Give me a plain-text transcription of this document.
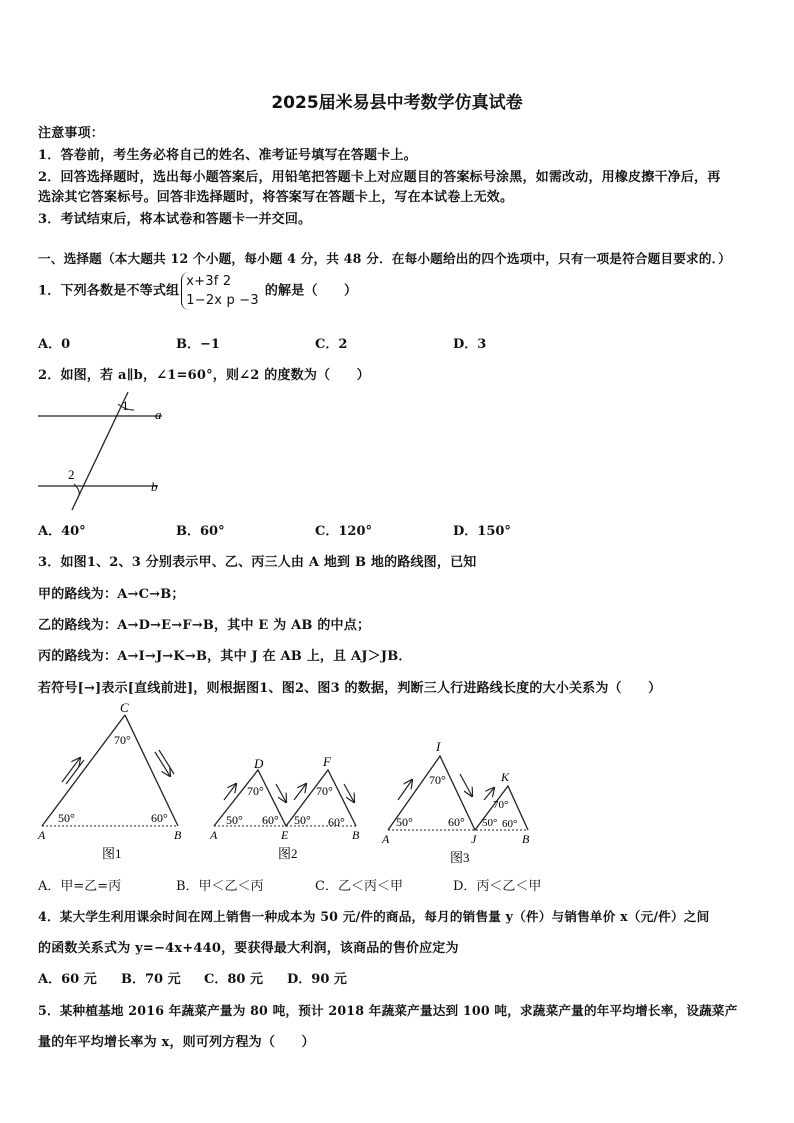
2025届米易县中考数学仿真试卷
注意事项：
1．答卷前，考生务必将自己的姓名、准考证号填写在答题卡上。
2．回答选择题时，选出每小题答案后，用铅笔把答题卡上对应题目的答案标号涂黑，如需改动，用橡皮擦干净后，再
选涂其它答案标号。回答非选择题时，将答案写在答题卡上，写在本试卷上无效。
3．考试结束后，将本试卷和答题卡一并交回。
一、选择题（本大题共 12 个小题，每小题 4 分，共 48 分．在每小题给出的四个选项中，只有一项是符合题目要求的．）
1．下列各数是不等式组
x+3f 2
1−2x p −3
的解是（　　）
A．0	B．−1	C．2	D．3
2．如图，若 a∥b，∠1=60°，则∠2 的度数为（　　）
1
2
a
b
A．40°	B．60°	C．120°	D．150°
3．如图1、2、3 分别表示甲、乙、丙三人由 A 地到 B 地的路线图，已知
甲的路线为：A→C→B；
乙的路线为：A→D→E→F→B，其中 E 为 AB 的中点；
丙的路线为：A→I→J→K→B，其中 J 在 AB 上，且 AJ＞JB．
若符号[→]表示[直线前进]，则根据图1、图2、图3 的数据，判断三人行进路线长度的大小关系为（　　）
C
70°
50°	60°
A	B
图1
D	F
70°	70°
50° 60° 50° 60°
A	E	B
图2
I
K
70°
70°
50°	60° 50° 60°
A	J	B
图3
A．甲=乙=丙	B．甲＜乙＜丙	C．乙＜丙＜甲	D．丙＜乙＜甲
4．某大学生利用课余时间在网上销售一种成本为 50 元/件的商品，每月的销售量 y（件）与销售单价 x（元/件）之间
的函数关系式为 y=−4x+440，要获得最大利润，该商品的售价应定为
A．60 元 B．70 元 C．80 元 D．90 元
5．某种植基地 2016 年蔬菜产量为 80 吨，预计 2018 年蔬菜产量达到 100 吨，求蔬菜产量的年平均增长率，设蔬菜产
量的年平均增长率为 x，则可列方程为（　　）
